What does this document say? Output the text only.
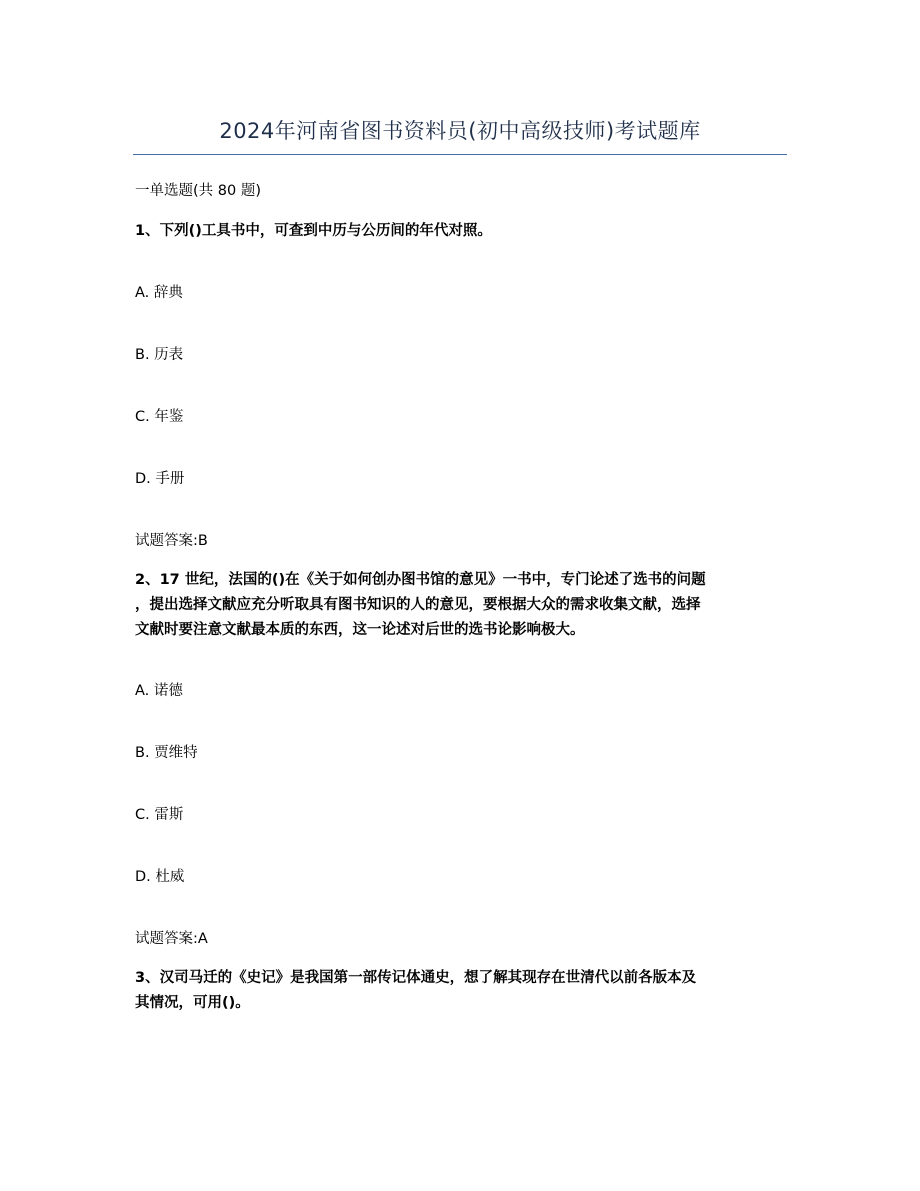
2024年河南省图书资料员(初中高级技师)考试题库
一单选题(共 80 题)
1、下列()工具书中，可查到中历与公历间的年代对照。
A. 辞典
B. 历表
C. 年鉴
D. 手册
试题答案:B
2、17 世纪，法国的()在《关于如何创办图书馆的意见》一书中，专门论述了选书的问题
，提出选择文献应充分听取具有图书知识的人的意见，要根据大众的需求收集文献，选择
文献时要注意文献最本质的东西，这一论述对后世的选书论影响极大。
A. 诺德
B. 贾维特
C. 雷斯
D. 杜威
试题答案:A
3、汉司马迁的《史记》是我国第一部传记体通史，想了解其现存在世清代以前各版本及
其情况，可用()。
